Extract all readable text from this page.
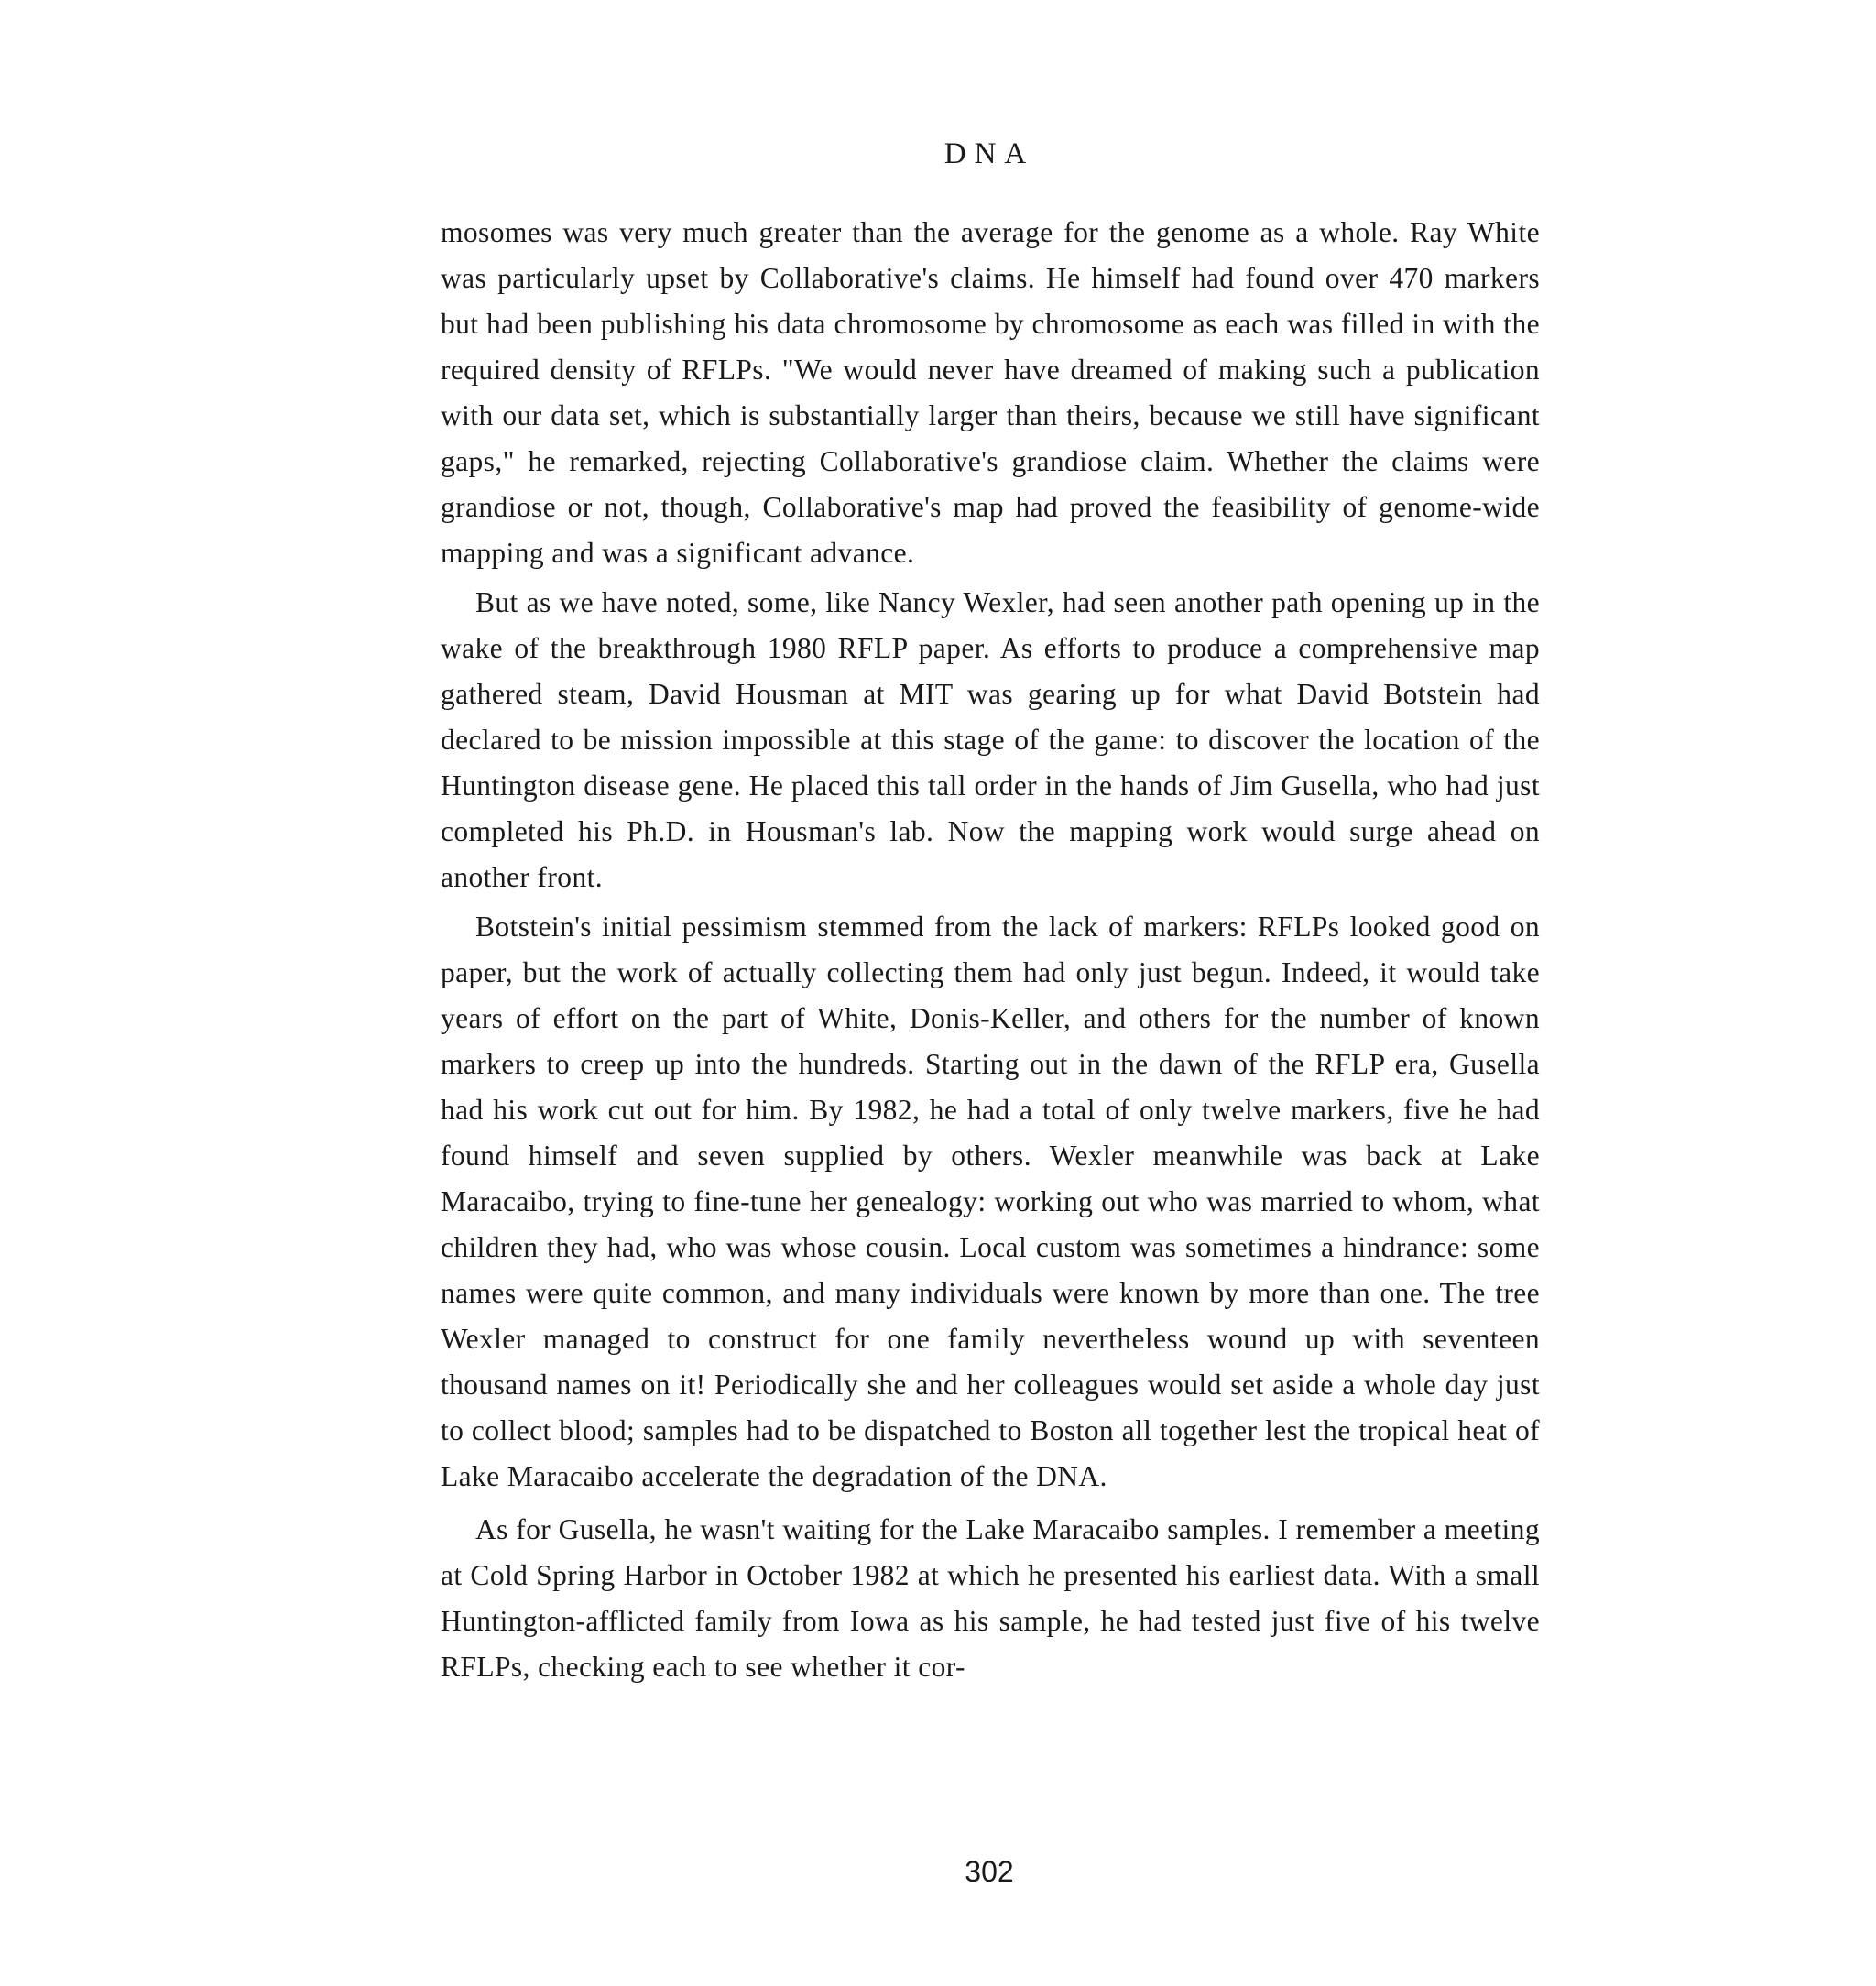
DNA

mosomes was very much greater than the average for the genome as a whole. Ray White was particularly upset by Collaborative's claims. He himself had found over 470 markers but had been publishing his data chromosome by chromosome as each was filled in with the required density of RFLPs. "We would never have dreamed of making such a publication with our data set, which is substantially larger than theirs, because we still have significant gaps," he remarked, rejecting Collaborative's grandiose claim. Whether the claims were grandiose or not, though, Collaborative's map had proved the feasibility of genome-wide mapping and was a significant advance.

But as we have noted, some, like Nancy Wexler, had seen another path opening up in the wake of the breakthrough 1980 RFLP paper. As efforts to produce a comprehensive map gathered steam, David Housman at MIT was gearing up for what David Botstein had declared to be mission impossible at this stage of the game: to discover the location of the Huntington disease gene. He placed this tall order in the hands of Jim Gusella, who had just completed his Ph.D. in Housman's lab. Now the mapping work would surge ahead on another front.

Botstein's initial pessimism stemmed from the lack of markers: RFLPs looked good on paper, but the work of actually collecting them had only just begun. Indeed, it would take years of effort on the part of White, Donis-Keller, and others for the number of known markers to creep up into the hundreds. Starting out in the dawn of the RFLP era, Gusella had his work cut out for him. By 1982, he had a total of only twelve markers, five he had found himself and seven supplied by others. Wexler meanwhile was back at Lake Maracaibo, trying to fine-tune her genealogy: working out who was married to whom, what children they had, who was whose cousin. Local custom was sometimes a hindrance: some names were quite common, and many individuals were known by more than one. The tree Wexler managed to construct for one family nevertheless wound up with seventeen thousand names on it! Periodically she and her colleagues would set aside a whole day just to collect blood; samples had to be dispatched to Boston all together lest the tropical heat of Lake Maracaibo accelerate the degradation of the DNA.

As for Gusella, he wasn't waiting for the Lake Maracaibo samples. I remember a meeting at Cold Spring Harbor in October 1982 at which he presented his earliest data. With a small Huntington-afflicted family from Iowa as his sample, he had tested just five of his twelve RFLPs, checking each to see whether it cor-

302
